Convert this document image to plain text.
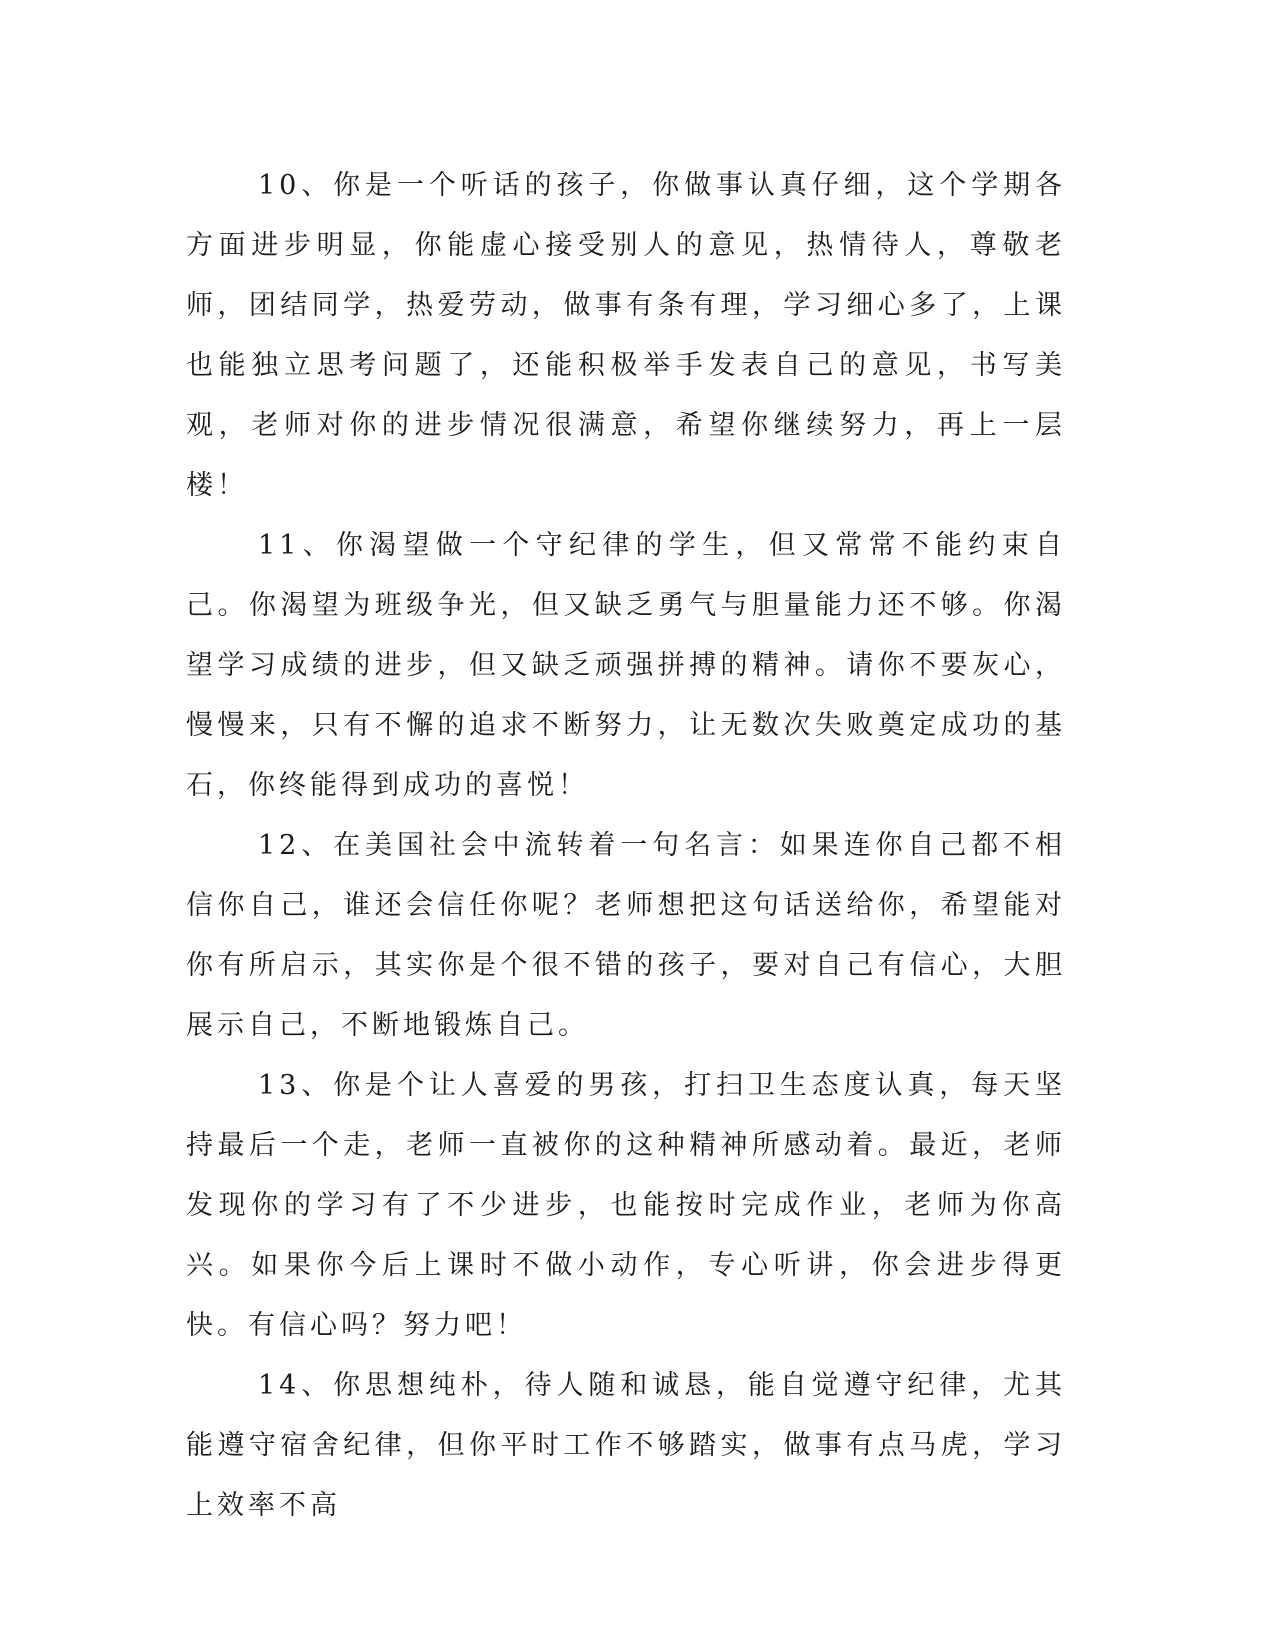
10、你是一个听话的孩子，你做事认真仔细，这个学期各方面进步明显，你能虚心接受别人的意见，热情待人，尊敬老师，团结同学，热爱劳动，做事有条有理，学习细心多了，上课也能独立思考问题了，还能积极举手发表自己的意见，书写美观，老师对你的进步情况很满意，希望你继续努力，再上一层楼！

11、你渴望做一个守纪律的学生，但又常常不能约束自己。你渴望为班级争光，但又缺乏勇气与胆量能力还不够。你渴望学习成绩的进步，但又缺乏顽强拼搏的精神。请你不要灰心，慢慢来，只有不懈的追求不断努力，让无数次失败奠定成功的基石，你终能得到成功的喜悦！

12、在美国社会中流转着一句名言：如果连你自己都不相信你自己，谁还会信任你呢？老师想把这句话送给你，希望能对你有所启示，其实你是个很不错的孩子，要对自己有信心，大胆展示自己，不断地锻炼自己。

13、你是个让人喜爱的男孩，打扫卫生态度认真，每天坚持最后一个走，老师一直被你的这种精神所感动着。最近，老师发现你的学习有了不少进步，也能按时完成作业，老师为你高兴。如果你今后上课时不做小动作，专心听讲，你会进步得更快。有信心吗？努力吧！

14、你思想纯朴，待人随和诚恳，能自觉遵守纪律，尤其能遵守宿舍纪律，但你平时工作不够踏实，做事有点马虎，学习上效率不高
